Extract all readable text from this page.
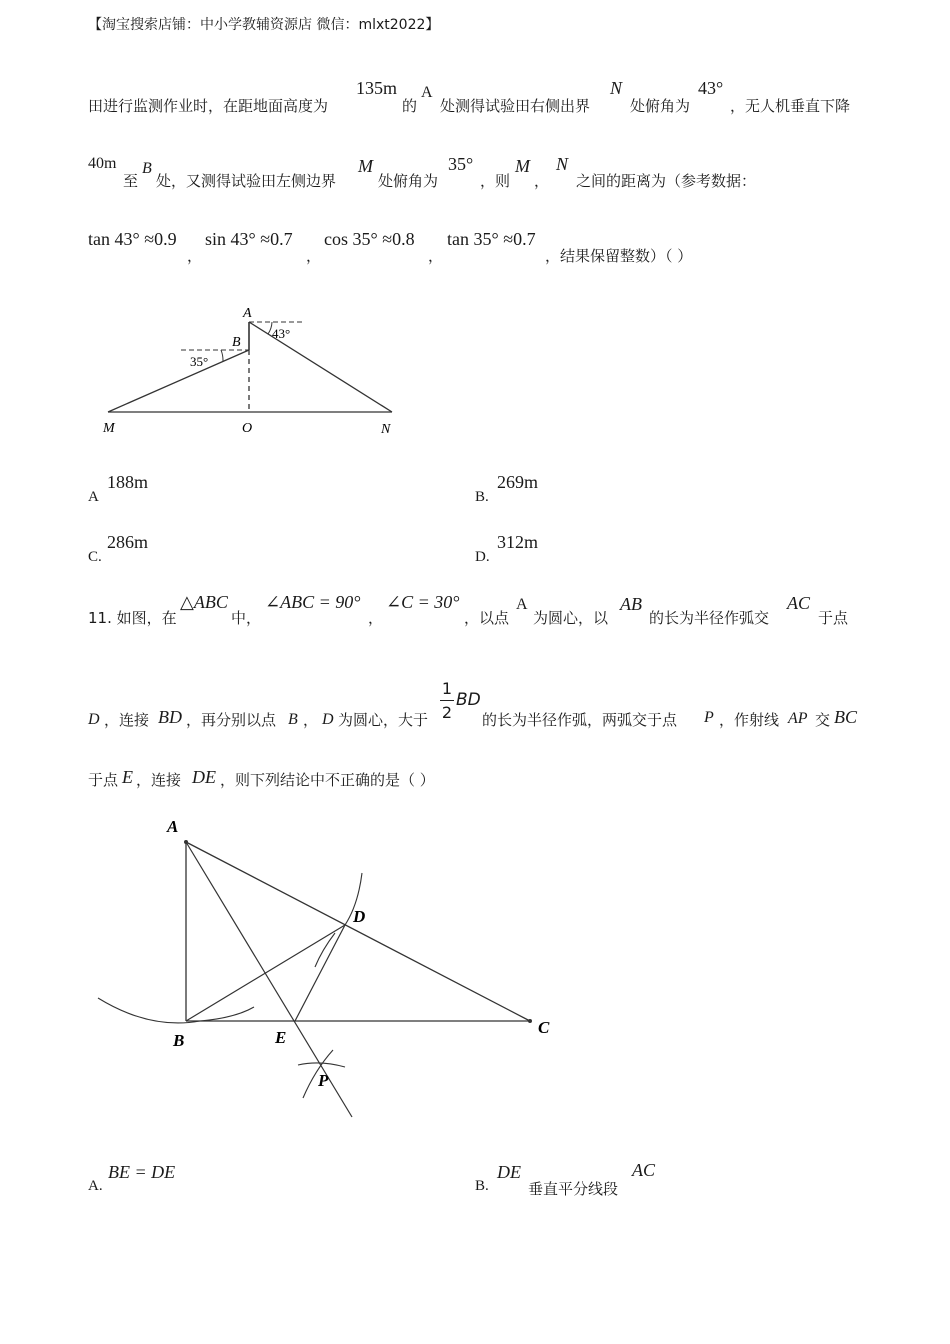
【淘宝搜索店铺：中小学教辅资源店 微信：mlxt2022】
田进行监测作业时，在距地面高度为
135m
的
A
处测得试验田右侧出界
N
处俯角为
43°
，无人机垂直下降
40m
至
B
处，又测得试验田左侧边界
M
处俯角为
35°
，则
M
，
N
之间的距离为（参考数据：
tan 43° ≈0.9
，
sin 43° ≈0.7
，
cos 35° ≈0.8
，
tan 35° ≈0.7
，结果保留整数）（ ）
A
B
43°
35°
M	O	N
A
188m
B.
269m
C.
286m
D.
312m
11. 如图，在
△ABC
中，
∠ABC = 90°
，
∠C = 30°
，以点
A
为圆心，以
AB
的长为半径作弧交
AC
于点
D ，连接 BD ，再分别以点 B ， D 为圆心，大于
1
2
BD
的长为半径作弧，两弧交于点 P ，作射线 AP 交 BC
于点 E ，连接 DE ，则下列结论中不正确的是（ ）
A
B
C
D
E
P
A.
BE = DE
B.
DE
垂直平分线段
AC
